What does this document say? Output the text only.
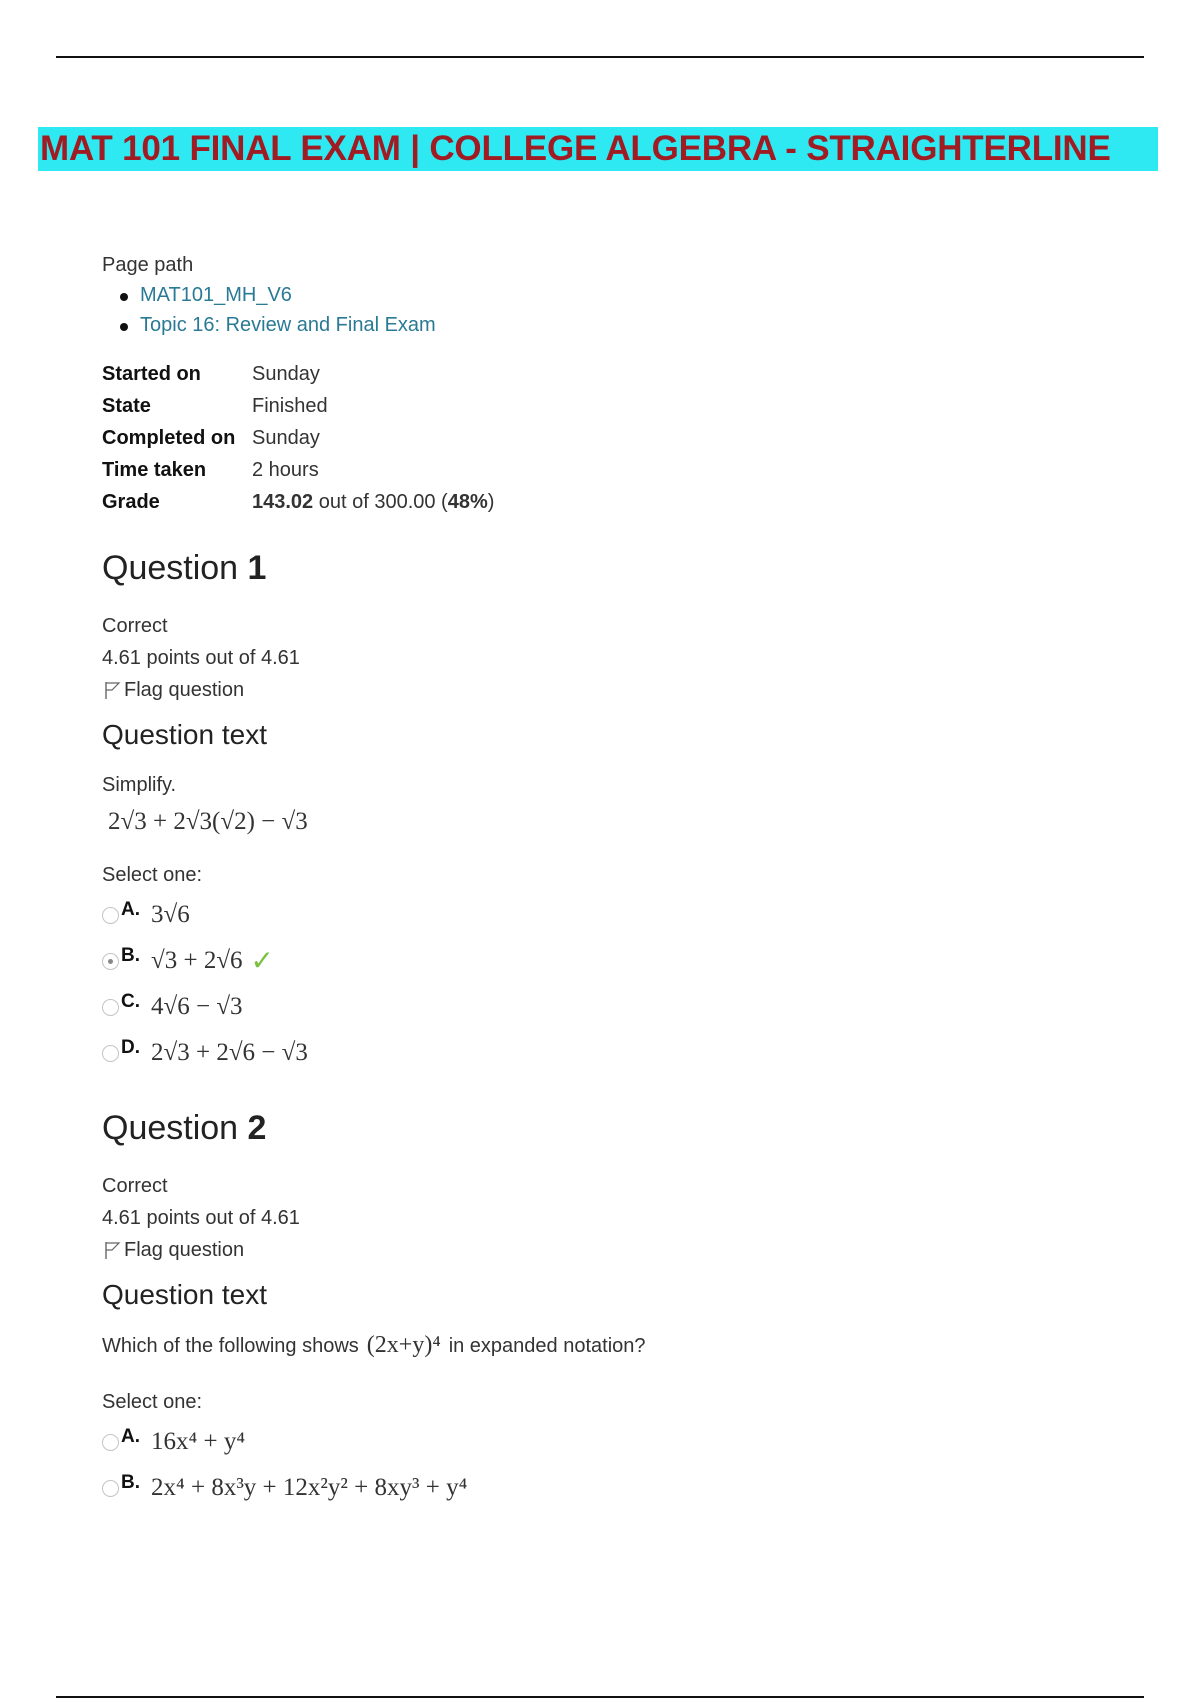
MAT 101 FINAL EXAM | COLLEGE ALGEBRA - STRAIGHTERLINE

Page path

MAT101_MH_V6
Topic 16: Review and Final Exam
Started on	Sunday
State	Finished
Completed on	Sunday
Time taken	2 hours
Grade	143.02 out of 300.00 (48%)
Question 1
Correct
4.61 points out of 4.61
Flag question
Question text
Simplify.
2√3 + 2√3(√2) − √3
Select one:
A. 3√6
B. √3 + 2√6 ✓
C. 4√6 − √3
D. 2√3 + 2√6 − √3
Question 2
Correct
4.61 points out of 4.61
Flag question
Question text
Which of the following shows (2x+y)⁴ in expanded notation?
Select one:
A. 16x⁴ + y⁴
B. 2x⁴ + 8x³y + 12x²y² + 8xy³ + y⁴
